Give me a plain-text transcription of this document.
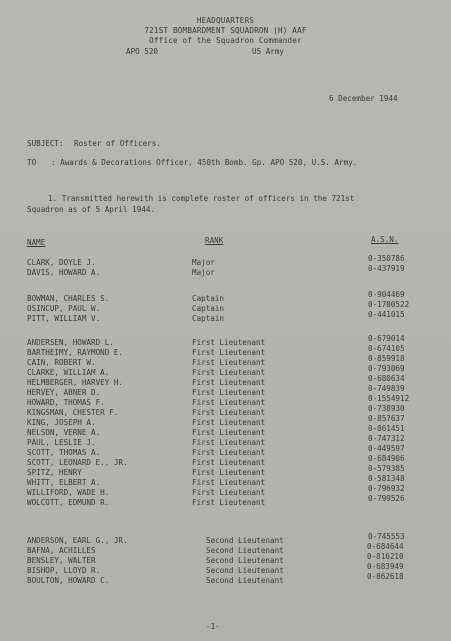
HEADQUARTERS
721ST BOMBARDMENT SQUADRON (H) AAF
Office of the Squadron Commander
APO 520	US Army
6 December 1944
SUBJECT: Roster of Officers.
TO : Awards & Decorations Officer, 450th Bomb. Gp. APO 520, U.S. Army.
1. Transmitted herewith is complete roster of officers in the 721st
Squadron as of 5 April 1944.
NAME	RANK	A.S.N.
CLARK, DOYLE J.	Major	0-350786
DAVIS, HOWARD A.	Major	0-437919
BOWMAN, CHARLES S.	Captain	0-904469
OSINCUP, PAUL W.	Captain	0-1700522
PITT, WILLIAM V.	Captain	0-441015
ANDERSEN, HOWARD L.	First Lieutenant	0-679014
BARTHEIMY, RAYMOND E.	First Lieutenant	0-674105
CAIN, ROBERT W.	First Lieutenant	0-859918
CLARKE, WILLIAM A.	First Lieutenant	0-793069
HELMBERGER, HARVEY H.	First Lieutenant	0-680634
HERVEY, ABNER D.	First Lieutenant	0-749839
HOWARD, THOMAS F.	First Lieutenant	0-1554912
KINGSMAN, CHESTER F.	First Lieutenant	0-738930
KING, JOSEPH A.	First Lieutenant	0-857637
NELSON, VERNE A.	First Lieutenant	0-861451
PAUL, LESLIE J.	First Lieutenant	0-747312
SCOTT, THOMAS A.	First Lieutenant	0-449597
SCOTT, LEONARD E., JR.	First Lieutenant	0-684906
SPITZ, HENRY	First Lieutenant	0-579385
WHITT, ELBERT A.	First Lieutenant	0-581348
WILLIFORD, WADE H.	First Lieutenant	0-796932
WOLCOTT, EDMUND R.	First Lieutenant	0-799526
ANDERSON, EARL G., JR.	Second Lieutenant	0-745553
BAFNA, ACHILLES	Second Lieutenant	0-684644
BENSLEY, WALTER	Second Lieutenant	0-816210
BISHOP, LLOYD R.	Second Lieutenant	0-683949
BOULTON, HOWARD C.	Second Lieutenant	0-862618
-1-
